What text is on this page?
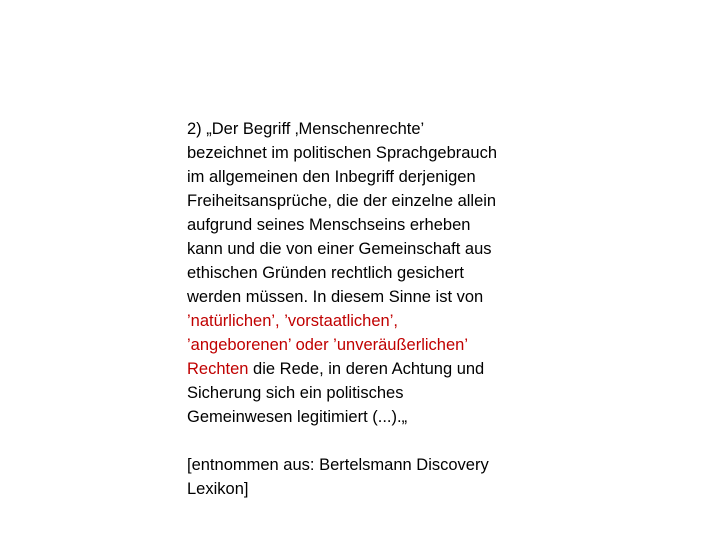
2) „Der Begriff ‚Menschenrechte’
bezeichnet im politischen Sprachgebrauch
im allgemeinen den Inbegriff derjenigen
Freiheitsansprüche, die der einzelne allein
aufgrund seines Menschseins erheben
kann und die von einer Gemeinschaft aus
ethischen Gründen rechtlich gesichert
werden müssen. In diesem Sinne ist von
’natürlichen’, ’vorstaatlichen’,
’angeborenen’ oder ’unveräußerlichen’
Rechten die Rede, in deren Achtung und
Sicherung sich ein politisches
Gemeinwesen legitimiert (...).„
[entnommen aus: Bertelsmann Discovery
Lexikon]
